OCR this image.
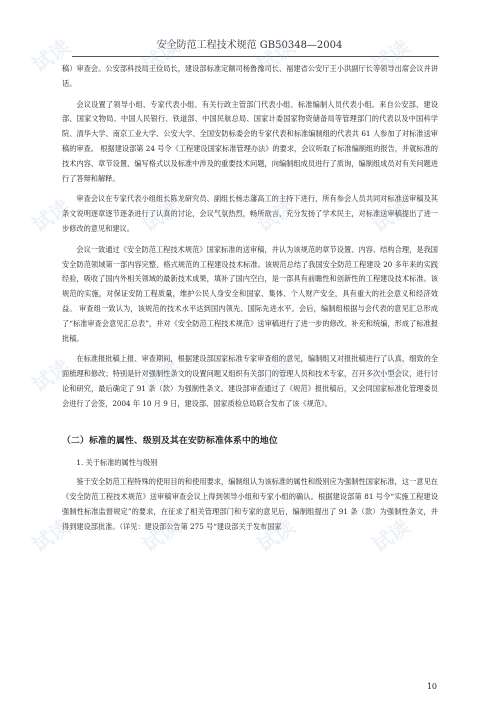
安全防范工程技术规范 GB50348—2004

稿）审查会。公安部科技局王俭局长，建设部标准定额司杨鲁豫司长、福建省公安厅王小洪副厅长等领导出席会议并讲话。

会议设置了领导小组、专家代表小组、有关行政主管部门代表小组、标准编制人员代表小组。来自公安部、建设部、国家文物局、中国人民银行、铁道部、中国民航总局、国家计委国家物资储备局等管理部门的代表以及中国科学院、清华大学、南京工业大学、公安大学、全国安防标委会的专家代表和标准编制组的代表共 61 人参加了对标准送审稿的审查。 根据建设部第 24 号令《工程建设国家标准管理办法》的要求，会议听取了标准编制组的报告，并就标准的技术内容、章节设置、编写格式以及标准中涉及的重要技术问题，向编制组成员进行了质询，编制组成员对有关问题进行了答辩和解释。

审查会议在专家代表小组组长陈龙研究员、副组长杨志藩高工的主持下进行，所有参会人员共同对标准送审稿及其条文说明逐章逐节逐条进行了认真的讨论，会议气氛热烈，畅所欲言，充分发扬了学术民主，对标准送审稿提出了进一步修改的意见和建议。

会议一致通过《安全防范工程技术规范》国家标准的送审稿，并认为该规范的章节设置、内容、结构合理，是我国安全防范领域第一部内容完整、格式规范的工程建设技术标准。该规范总结了我国安全防范工程建设 20 多年来的实践经验，吸收了国内外相关领域的最新技术成果，填补了国内空白，是一部具有前瞻性和创新性的工程建设技术标准。该规范的实施，对保证安防工程质量，维护公民人身安全和国家、集体、个人财产安全，具有重大的社会意义和经济效益。 审查组一致认为，该规范的技术水平达到国内领先、国际先进水平。会后，编制组根据与会代表的意见汇总形成了“标准审查会意见汇总表”，并对《安全防范工程技术规范》送审稿进行了进一步的修改、补充和统编，形成了标准报批稿。

在标准报批稿上报、审查期间，根据建设部国家标准专家审查组的意见，编制组又对报批稿进行了认真、细致的全面梳理和修改；特别是针对强制性条文的设置问题又组织有关部门的管理人员和技术专家，召开多次小型会议，进行讨论和研究，最后确定了 91 条（款）为强制性条文。建设部审查通过了《规范》报批稿后，又会同国家标准化管理委员会进行了会签，2004 年 10 月 9 日，建设部、国家质检总局联合发布了该《规范》。

（二）标准的属性、级别及其在安防标准体系中的地位

1. 关于标准的属性与级别

鉴于安全防范工程特殊的使用目的和使用要求，编制组认为该标准的属性和级别应为强制性国家标准，这一意见在《安全防范工程技术规范》送审稿审查会议上得到领导小组和专家小组的确认。根据建设部第 81 号令“实施工程建设强制性标准监督规定”的要求，在征求了相关管理部门和专家的意见后，编制组提出了 91 条（款）为强制性条文，并得到建设部批准。（详见：建设部公告第 275 号“建设部关于发布国家

10
试读	试读	试读	试读
试读	试读	试读	试读
试读	试读	试读	试读
试读	试读	试读	试读
